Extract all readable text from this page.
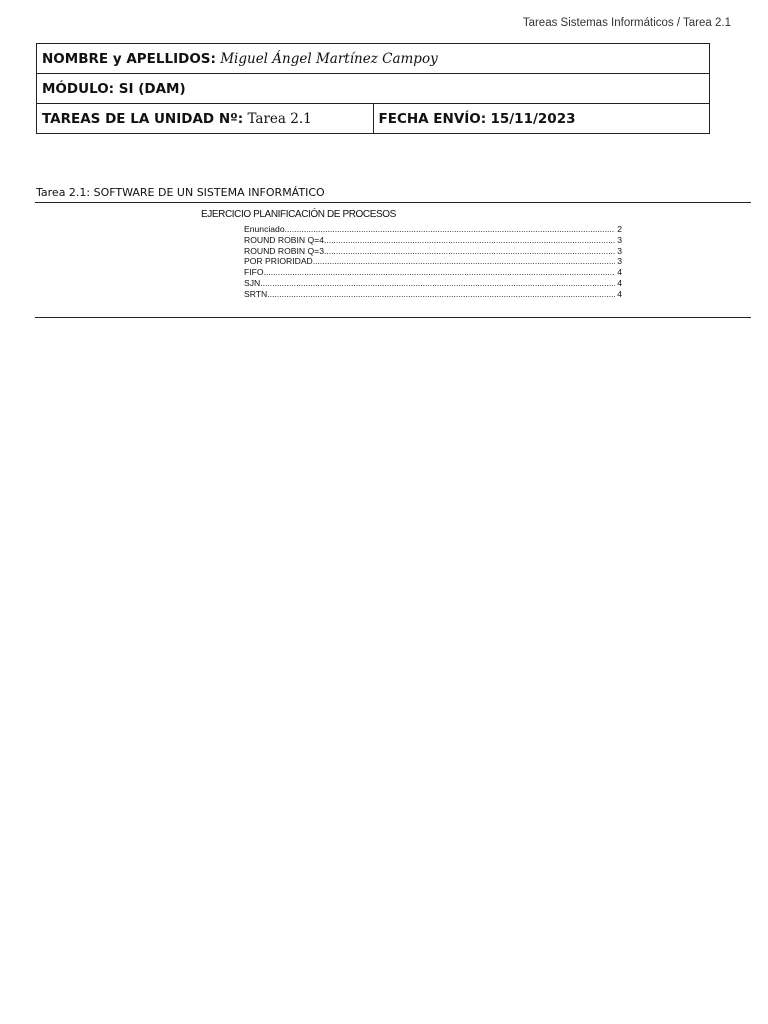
Tareas Sistemas Informáticos / Tarea 2.1
NOMBRE y APELLIDOS: Miguel Ángel Martínez Campoy
MÓDULO: SI (DAM)
TAREAS DE LA UNIDAD Nº: Tarea 2.1	FECHA ENVÍO: 15/11/2023
Tarea 2.1: SOFTWARE DE UN SISTEMA INFORMÁTICO
EJERCICIO PLANIFICACIÓN DE PROCESOS
Enunciado .....	2
ROUND ROBIN Q=4 .....	3
ROUND ROBIN Q=3 .....	3
POR PRIORIDAD .....	3
FIFO .....	4
SJN .....	4
SRTN .....	4
